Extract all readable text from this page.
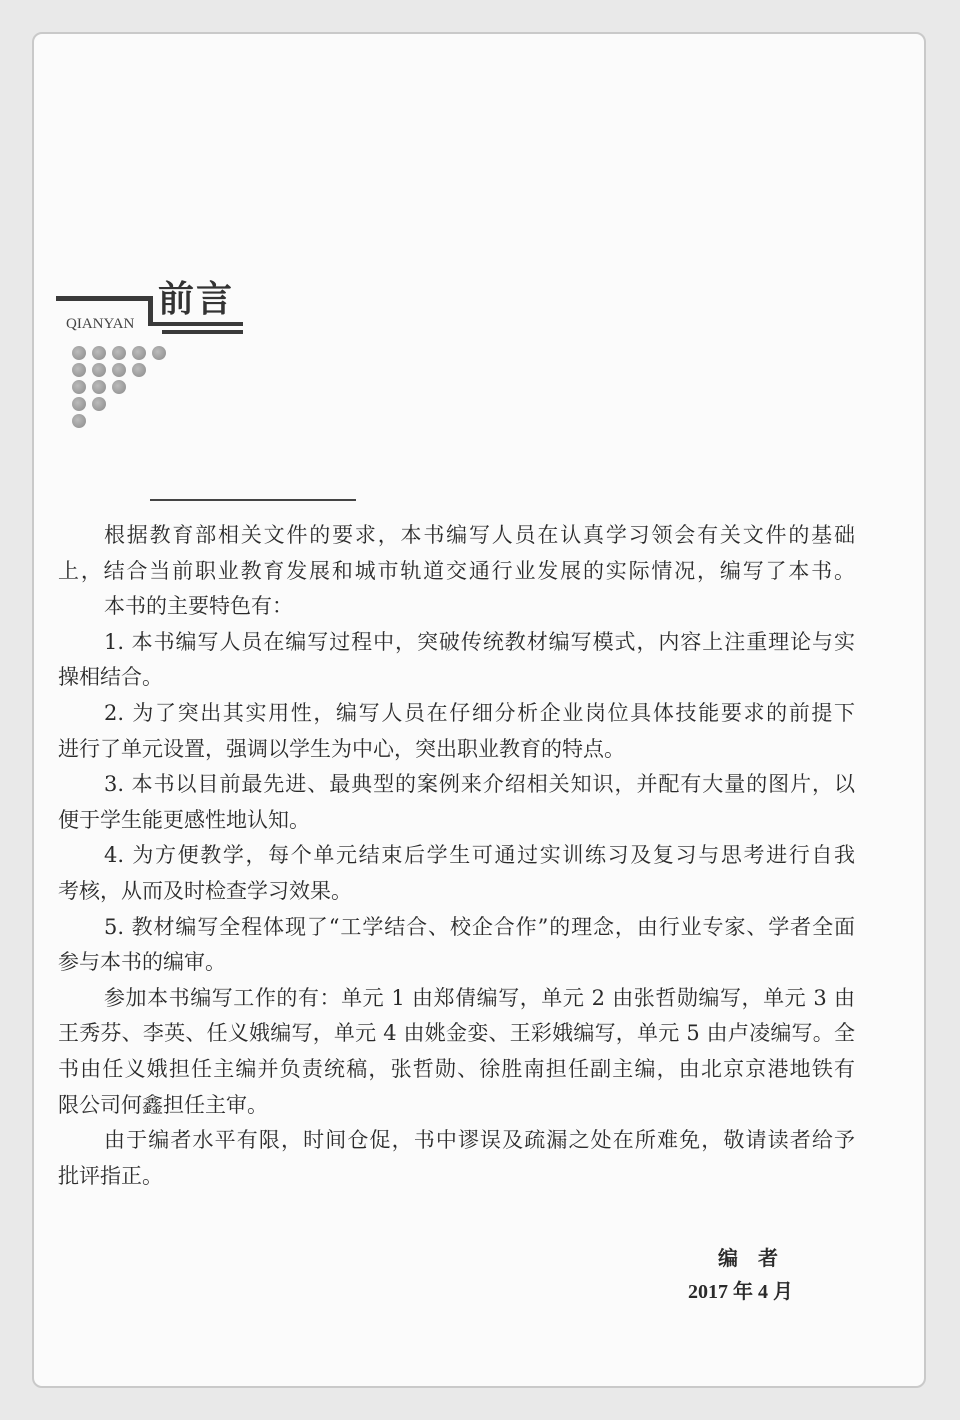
前言
QIANYAN
根据教育部相关文件的要求，本书编写人员在认真学习领会有关文件的基础
上，结合当前职业教育发展和城市轨道交通行业发展的实际情况，编写了本书。
本书的主要特色有：
1. 本书编写人员在编写过程中，突破传统教材编写模式，内容上注重理论与实
操相结合。
2. 为了突出其实用性，编写人员在仔细分析企业岗位具体技能要求的前提下
进行了单元设置，强调以学生为中心，突出职业教育的特点。
3. 本书以目前最先进、最典型的案例来介绍相关知识，并配有大量的图片，以
便于学生能更感性地认知。
4. 为方便教学，每个单元结束后学生可通过实训练习及复习与思考进行自我
考核，从而及时检查学习效果。
5. 教材编写全程体现了“工学结合、校企合作”的理念，由行业专家、学者全面
参与本书的编审。
参加本书编写工作的有：单元 1 由郑倩编写，单元 2 由张哲勋编写，单元 3 由
王秀芬、李英、任义娥编写，单元 4 由姚金娈、王彩娥编写，单元 5 由卢凌编写。全
书由任义娥担任主编并负责统稿，张哲勋、徐胜南担任副主编，由北京京港地铁有
限公司何鑫担任主审。
由于编者水平有限，时间仓促，书中谬误及疏漏之处在所难免，敬请读者给予
批评指正。
编　者
2017 年 4 月
